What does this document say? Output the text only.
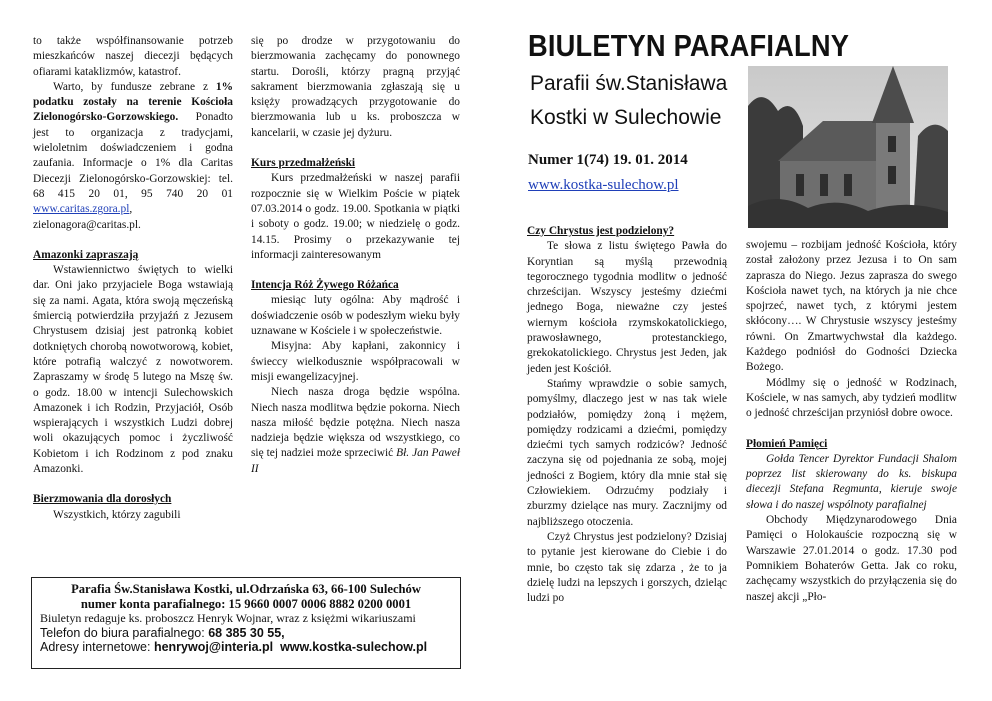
to także współfinansowanie potrzeb mieszkańców naszej diecezji będących ofiarami kataklizmów, katastrof.

Warto, by fundusze zebrane z 1% podatku zostały na terenie Kościoła Zielonogórsko-Gorzowskiego. Ponadto jest to organizacja z tradycjami, wieloletnim doświadczeniem i godna zaufania. Informacje o 1% dla Caritas Diecezji Zielonogórsko-Gorzowskiej: tel. 68 415 20 01, 95 740 20 01 www.caritas.zgora.pl, zielonagora@caritas.pl.

Amazonki zapraszają

Wstawiennictwo świętych to wielki dar. Oni jako przyjaciele Boga wstawiają się za nami. Agata, która swoją męczeńską śmiercią potwierdziła przyjaźń z Jezusem Chrystusem dzisiaj jest patronką kobiet dotkniętych chorobą nowotworową, kobiet, które potrafią walczyć z nowotworem. Zapraszamy w środę 5 lutego na Mszę św. o godz. 18.00 w intencji Sulechowskich Amazonek i ich Rodzin, Przyjaciół, Osób wspierających i wszystkich Ludzi dobrej woli okazujących pomoc i życzliwość Kobietom i ich Rodzinom z pod znaku Amazonki.

Bierzmowania dla dorosłych

Wszystkich, którzy zagubili

się po drodze w przygotowaniu do bierzmowania zachęcamy do ponownego startu. Dorośli, którzy pragną przyjąć sakrament bierzmowania zgłaszają się u księży prowadzących przygotowanie do bierzmowania lub u ks. proboszcza w kancelarii, w czasie jej dyżuru.

Kurs przedmałżeński

Kurs przedmałżeński w naszej parafii rozpocznie się w Wielkim Poście w piątek 07.03.2014 o godz. 19.00. Spotkania w piątki i soboty o godz. 19.00; w niedzielę o godz. 14.15. Prosimy o przekazywanie tej informacji zainteresowanym

Intencja Róż Żywego Różańca

miesiąc luty ogólna: Aby mądrość i doświadczenie osób w podeszłym wieku były uznawane w Kościele i w społeczeństwie.

Misyjna: Aby kapłani, zakonnicy i świeccy wielkodusznie współpracowali w misji ewangelizacyjnej.

Niech nasza droga będzie wspólna. Niech nasza modlitwa będzie pokorna. Niech nasza miłość będzie potężna. Niech nasza nadzieja będzie większa od wszystkiego, co się tej nadziei może sprzeciwić Bł. Jan Paweł II

Parafia Św.Stanisława Kostki, ul.Odrzańska 63, 66-100 Sulechów
numer konta parafialnego: 15 9660 0007 0006 8882 0200 0001
Biuletyn redaguje ks. proboszcz Henryk Wojnar, wraz z księżmi wikariuszami
Telefon do biura parafialnego: 68 385 30 55,
Adresy internetowe: henrywoj@interia.pl www.kostka-sulechow.pl
BIULETYN PARAFIALNY
Parafii św.Stanisława
Kostki w Sulechowie
Numer 1(74) 19. 01. 2014
www.kostka-sulechow.pl

Czy Chrystus jest podzielony?

Te słowa z listu świętego Pawła do Koryntian są myślą przewodnią tegorocznego tygodnia modlitw o jedność chrześcijan. Wszyscy jesteśmy dziećmi jednego Boga, nieważne czy jesteś wiernym kościoła rzymskokatolickiego, prawosławnego, protestanckiego, grekokatolickiego. Chrystus jest Jeden, jak jeden jest Kościół.

Stańmy wprawdzie o sobie samych, pomyślmy, dlaczego jest w nas tak wiele podziałów, pomiędzy żoną i mężem, pomiędzy rodzicami a dziećmi, pomiędzy dziećmi tych samych rodziców? Jedność zaczyna się od pojednania ze sobą, mojej jedności z Bogiem, który dla mnie stał się Człowiekiem. Odrzućmy podziały i zburzmy dzielące nas mury. Zacznijmy od najbliższego otoczenia.

Czyż Chrystus jest podzielony? Dzisiaj to pytanie jest kierowane do Ciebie i do mnie, bo często tak się zdarza , że to ja dzielę ludzi na lepszych i gorszych, dzieląc ludzi po

swojemu – rozbijam jedność Kościoła, który został założony przez Jezusa i to On sam zaprasza do Niego. Jezus zaprasza do swego Kościoła nawet tych, na których ja nie chce spojrzeć, nawet tych, z którymi jestem skłócony…. W Chrystusie wszyscy jesteśmy równi. On Zmartwychwstał dla każdego. Każdego podniósł do Godności Dziecka Bożego.

Módlmy się o jedność w Rodzinach, Kościele, w nas samych, aby tydzień modlitw o jedność chrześcijan przyniósł dobre owoce.

Płomień Pamięci

Gołda Tencer Dyrektor Fundacji Shalom poprzez list skierowany do ks. biskupa diecezji Stefana Regmunta, kieruje swoje słowa i do naszej wspólnoty parafialnej

Obchody Międzynarodowego Dnia Pamięci o Holokauście rozpoczną się w Warszawie 27.01.2014 o godz. 17.30 pod Pomnikiem Bohaterów Getta. Jak co roku, zachęcamy wszystkich do przyłączenia się do naszej akcji „Pło-
